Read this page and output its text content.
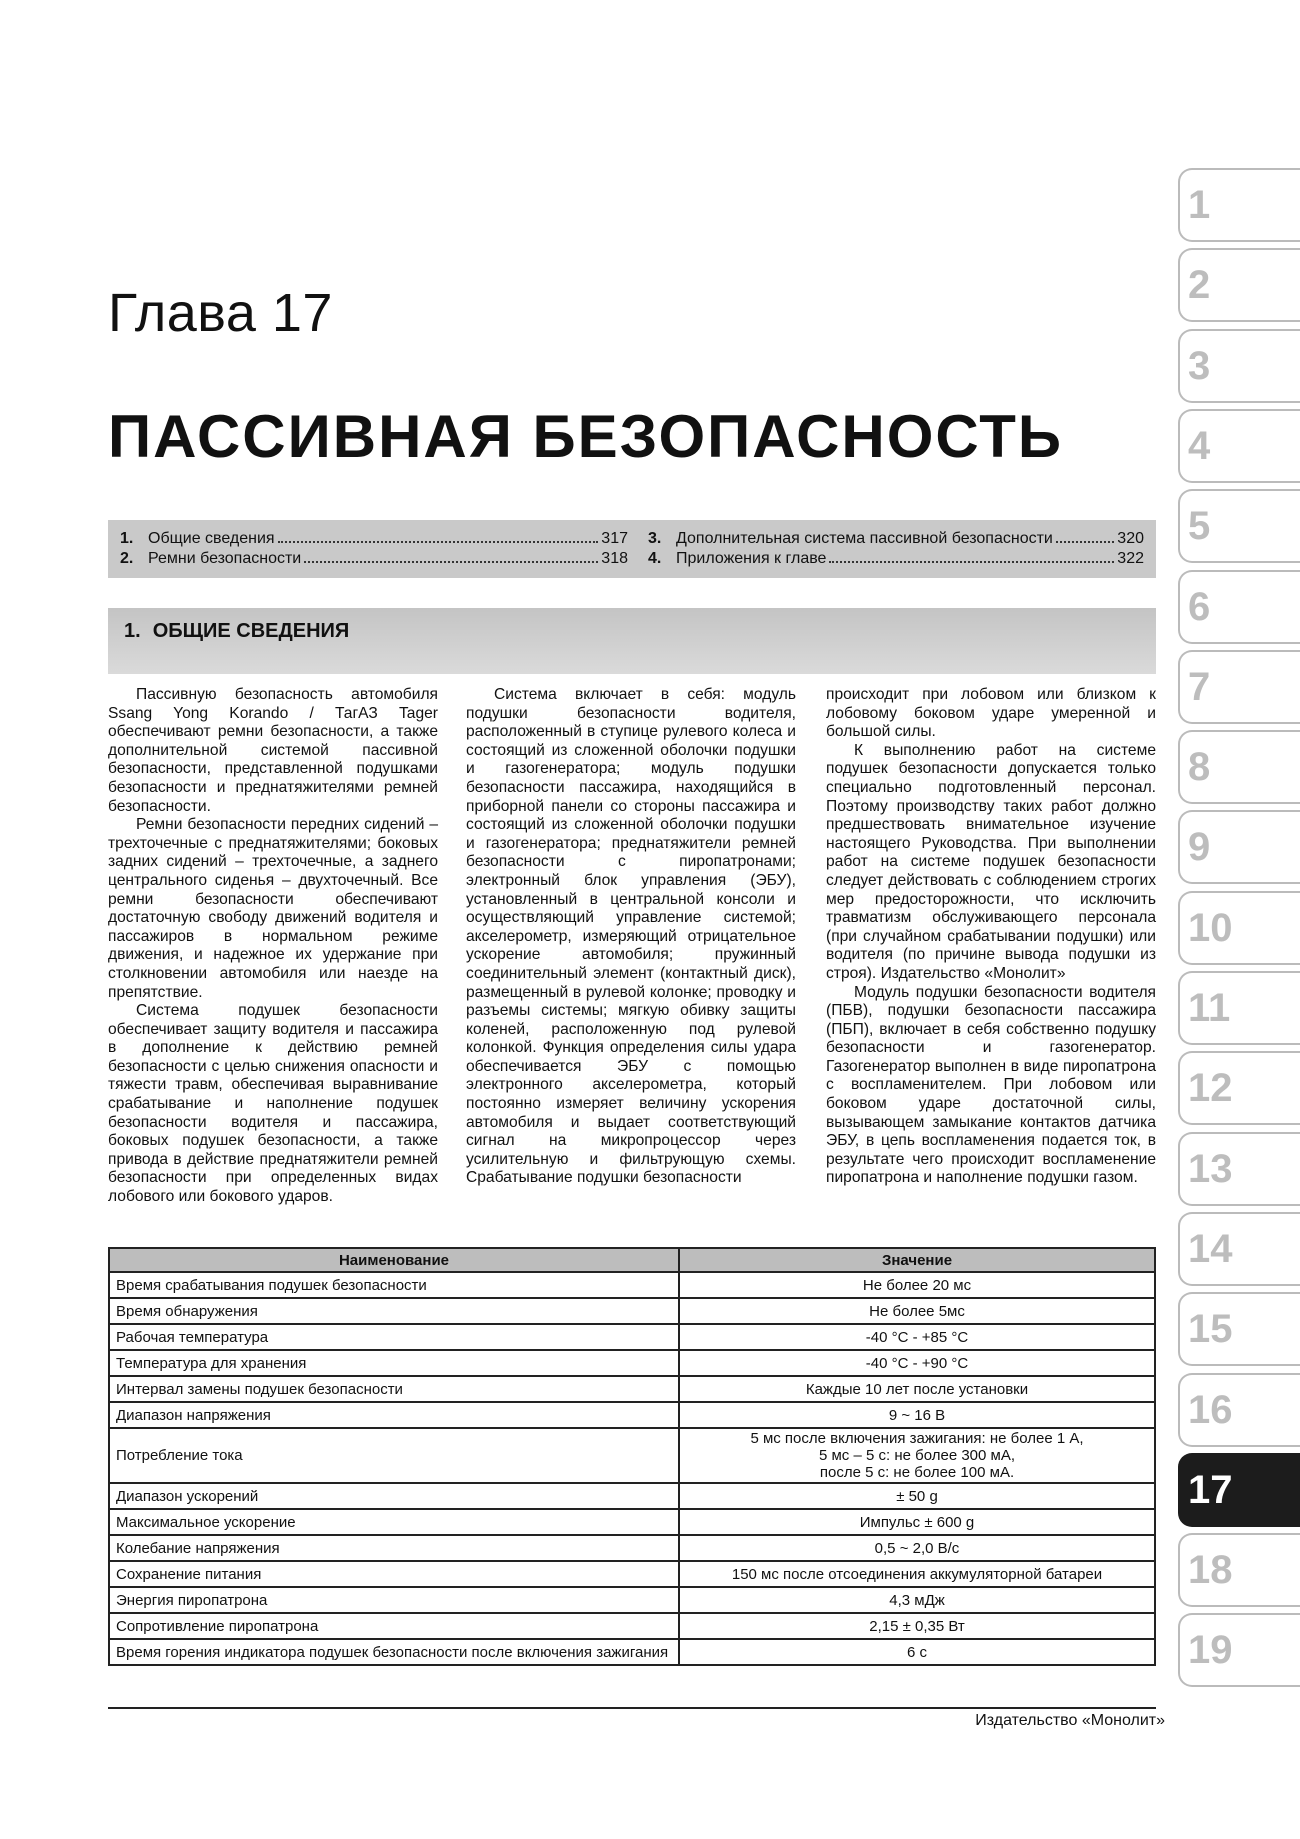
Глава 17
ПАССИВНАЯ БЕЗОПАСНОСТЬ
1. Общие сведения	317
2. Ремни безопасности	318
3. Дополнительная система пассивной безопасности	320
4. Приложения к главе	322
1. ОБЩИЕ СВЕДЕНИЯ

Пассивную безопасность автомобиля Ssang Yong Korando / ТагАЗ Tager обеспечивают ремни безопасности, а также дополнительной системой пассивной безопасности, представленной подушками безопасности и преднатяжителями ремней безопасности.

Ремни безопасности передних сидений – трехточечные с преднатяжителями; боковых задних сидений – трехточечные, а заднего центрального сиденья – двухточечный. Все ремни безопасности обеспечивают достаточную свободу движений водителя и пассажиров в нормальном режиме движения, и надежное их удержание при столкновении автомобиля или наезде на препятствие.

Система подушек безопасности обеспечивает защиту водителя и пассажира в дополнение к действию ремней безопасности с целью снижения опасности и тяжести травм, обеспечивая выравнивание срабатывание и наполнение подушек безопасности водителя и пассажира, боковых подушек безопасности, а также привода в действие преднатяжители ремней безопасности при определенных видах лобового или бокового ударов.

Система включает в себя: модуль подушки безопасности водителя, расположенный в ступице рулевого колеса и состоящий из сложенной оболочки подушки и газогенератора; модуль подушки безопасности пассажира, находящийся в приборной панели со стороны пассажира и состоящий из сложенной оболочки подушки и газогенератора; преднатяжители ремней безопасности с пиропатронами; электронный блок управления (ЭБУ), установленный в центральной консоли и осуществляющий управление системой; акселерометр, измеряющий отрицательное ускорение автомобиля; пружинный соединительный элемент (контактный диск), размещенный в рулевой колонке; проводку и разъемы системы; мягкую обивку защиты коленей, расположенную под рулевой колонкой. Функция определения силы удара обеспечивается ЭБУ с помощью электронного акселерометра, который постоянно измеряет величину ускорения автомобиля и выдает соответствующий сигнал на микропроцессор через усилительную и фильтрующую схемы. Срабатывание подушки безопасности

происходит при лобовом или близком к лобовому боковом ударе умеренной и большой силы.

К выполнению работ на системе подушек безопасности допускается только специально подготовленный персонал. Поэтому производству таких работ должно предшествовать внимательное изучение настоящего Руководства. При выполнении работ на системе подушек безопасности следует действовать с соблюдением строгих мер предосторожности, что исключить травматизм обслуживающего персонала (при случайном срабатывании подушки) или водителя (по причине вывода подушки из строя). Издательство «Монолит»

Модуль подушки безопасности водителя (ПБВ), подушки безопасности пассажира (ПБП), включает в себя собственно подушку безопасности и газогенератор. Газогенератор выполнен в виде пиропатрона с воспламенителем. При лобовом или боковом ударе достаточной силы, вызывающем замыкание контактов датчика ЭБУ, в цепь воспламенения подается ток, в результате чего происходит воспламенение пиропатрона и наполнение подушки газом.

Наименование	Значение
Время срабатывания подушек безопасности	Не более 20 мс
Время обнаружения	Не более 5мс
Рабочая температура	-40 °С - +85 °С
Температура для хранения	-40 °С - +90 °С
Интервал замены подушек безопасности	Каждые 10 лет после установки
Диапазон напряжения	9 ~ 16 В
Потребление тока	5 мс после включения зажигания: не более 1 А,
5 мс – 5 с: не более 300 мА,
после 5 с: не более 100 мА.
Диапазон ускорений	± 50 g
Максимальное ускорение	Импульс ± 600 g
Колебание напряжения	0,5 ~ 2,0 В/с
Сохранение питания	150 мс после отсоединения аккумуляторной батареи
Энергия пиропатрона	4,3 мДж
Сопротивление пиропатрона	2,15 ± 0,35 Вт
Время горения индикатора подушек безопасности после включения зажигания	6 с
Издательство «Монолит»
1
2
3
4
5
6
7
8
9
10
11
12
13
14
15
16
17
18
19
